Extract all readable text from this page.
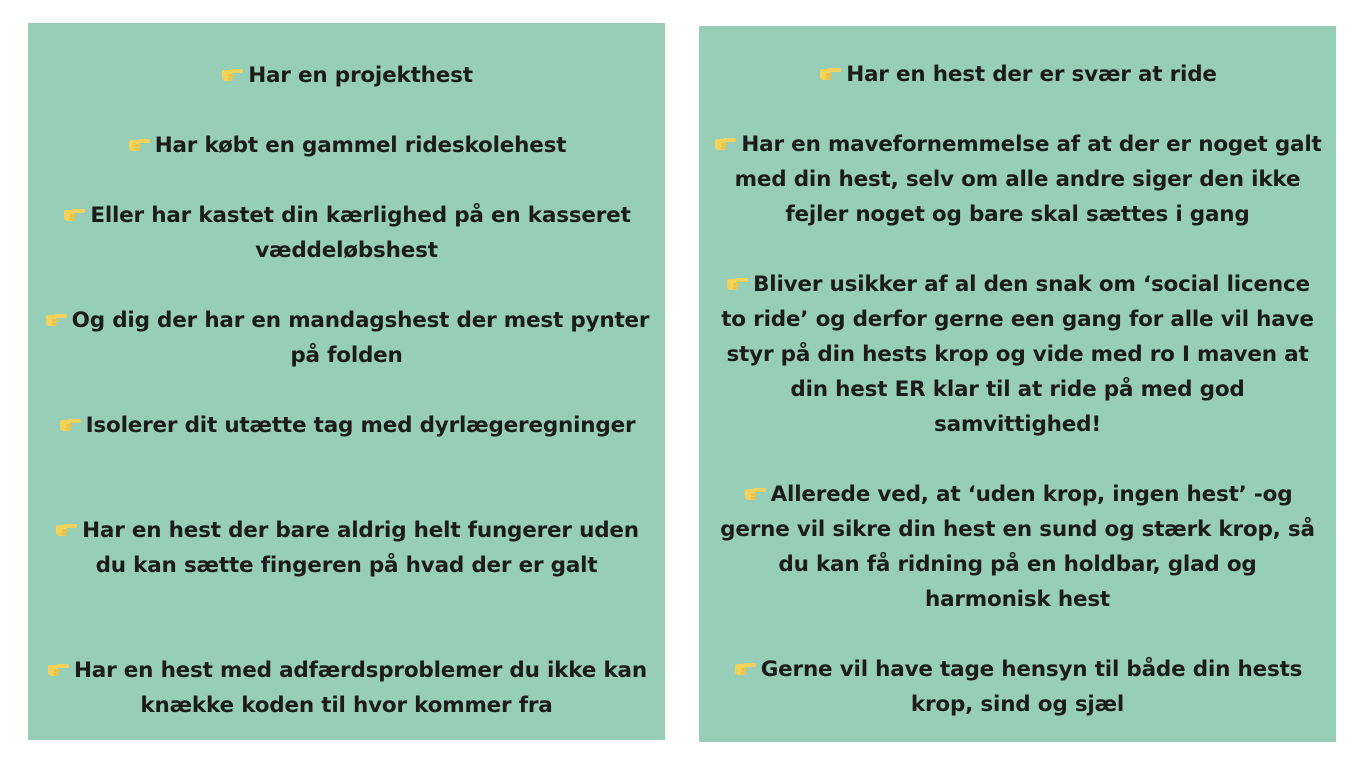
Har en projekthest
Har købt en gammel rideskolehest
Eller har kastet din kærlighed på en kasseret væddeløbshest
Og dig der har en mandagshest der mest pynter på folden
Isolerer dit utætte tag med dyrlægeregninger
Har en hest der bare aldrig helt fungerer uden du kan sætte fingeren på hvad der er galt
Har en hest med adfærdsproblemer du ikke kan knække koden til hvor kommer fra
Har en hest der er svær at ride
Har en mavefornemmelse af at der er noget galt med din hest, selv om alle andre siger den ikke fejler noget og bare skal sættes i gang
Bliver usikker af al den snak om ‘social licence to ride’ og derfor gerne een gang for alle vil have styr på din hests krop og vide med ro I maven at din hest ER klar til at ride på med god samvittighed!
Allerede ved, at ‘uden krop, ingen hest’ -og gerne vil sikre din hest en sund og stærk krop, så du kan få ridning på en holdbar, glad og harmonisk hest
Gerne vil have tage hensyn til både din hests krop, sind og sjæl
